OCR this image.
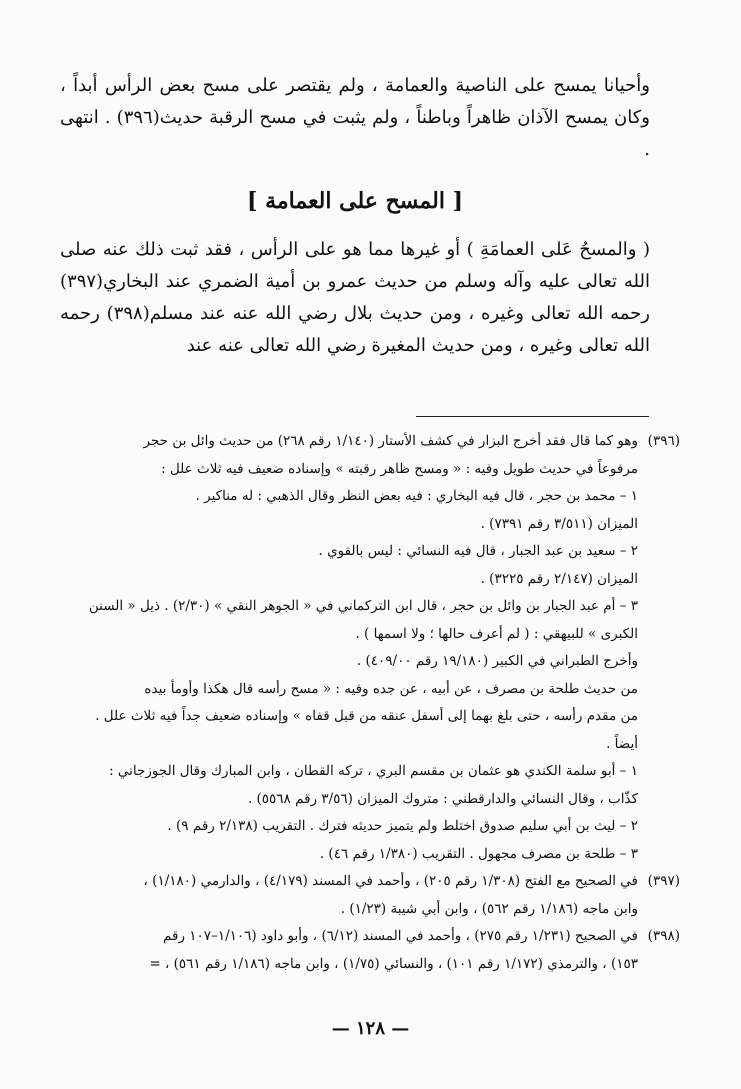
وأحيانا يمسح على الناصية والعمامة ، ولم يقتصر على مسح بعض الرأس أبداً ، وكان يمسح الآذان ظاهراً وباطناً ، ولم يثبت في مسح الرقبة حديث(٣٩٦) . انتهى .

[ المسح على العمامة ]

( والمسحُ عَلى العمامَةِ ) أو غيرها مما هو على الرأس ، فقد ثبت ذلك عنه صلى الله تعالى عليه وآله وسلم من حديث عمرو بن أمية الضمري عند البخاري(٣٩٧) رحمه الله تعالى وغيره ، ومن حديث بلال رضي الله عنه عند مسلم(٣٩٨) رحمه الله تعالى وغيره ، ومن حديث المغيرة رضي الله تعالى عنه عند

(٣٩٦)
وهو كما قال فقد أخرج البزار في كشف الأستار (١/١٤٠ رقم ٢٦٨) من حديث وائل بن حجر
مرفوعاً في حديث طويل وفيه : « ومسح ظاهر رقبته » وإسناده ضعيف فيه ثلاث علل :
١ – محمد بن حجر ، قال فيه البخاري : فيه بعض النظر وقال الذهبي : له مناكير .
الميزان (٣/٥١١ رقم ٧٣٩١) .
٢ – سعيد بن عبد الجبار ، قال فيه النسائي : ليس بالقوي .
الميزان (٢/١٤٧ رقم ٣٢٢٥) .
٣ – أم عبد الجبار بن وائل بن حجر ، قال ابن التركماني في « الجوهر النقي » (٢/٣٠) . ذيل « السنن
الكبرى » للبيهقي : ( لم أعرف حالها ؛ ولا اسمها ) .
وأخرج الطبراني في الكبير (١٩/١٨٠ رقم ٤٠٩/٠٠) .
من حديث طلحة بن مصرف ، عن أبيه ، عن جده وفيه : « مسح رأسه قال هكذا وأومأ بيده
من مقدم رأسه ، حتى بلغ بهما إلى أسفل عنقه من قبل قفاه » وإسناده ضعيف جداً فيه ثلاث علل .
أيضاً .
١ – أبو سلمة الكندي هو عثمان بن مقسم البري ، تركه القطان ، وابن المبارك وقال الجوزجاني :
كذّاب ، وقال النسائي والدارقطني : متروك الميزان (٣/٥٦ رقم ٥٥٦٨) .
٢ – ليث بن أبي سليم صدوق اختلط ولم يتميز حديثه فترك . التقريب (٢/١٣٨ رقم ٩) .
٣ – طلحة بن مصرف مجهول . التقريب (١/٣٨٠ رقم ٤٦) .
(٣٩٧)
في الصحيح مع الفتح (١/٣٠٨ رقم ٢٠٥) ، وأحمد في المسند (٤/١٧٩) ، والدارمي (١/١٨٠) ،
وابن ماجه (١/١٨٦ رقم ٥٦٢) ، وابن أبي شيبة (١/٢٣) .
(٣٩٨)
في الصحيح (١/٢٣١ رقم ٢٧٥) ، وأحمد في المسند (٦/١٢) ، وأبو داود (١/١٠٦–١٠٧ رقم
١٥٣) ، والترمذي (١/١٧٢ رقم ١٠١) ، والنسائي (١/٧٥) ، وابن ماجه (١/١٨٦ رقم ٥٦١) ، =
— ١٢٨ —
